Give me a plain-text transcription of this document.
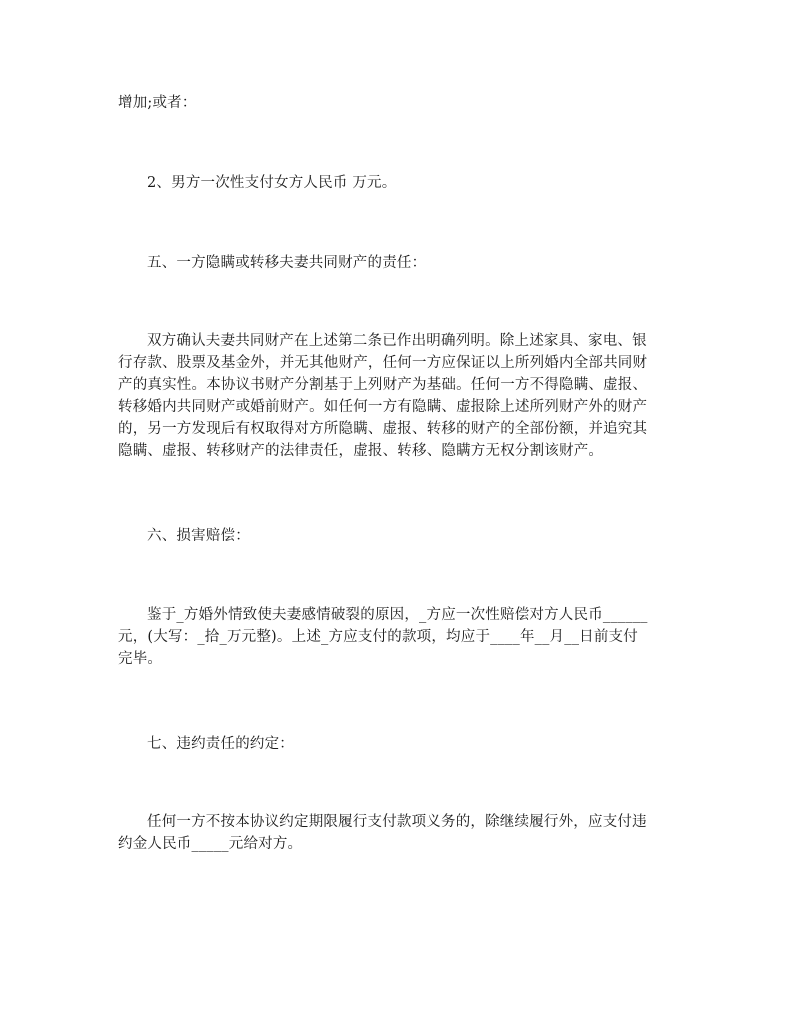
增加;或者：
2、男方一次性支付女方人民币 万元。
五、一方隐瞒或转移夫妻共同财产的责任：

双方确认夫妻共同财产在上述第二条已作出明确列明。除上述家具、家电、银

行存款、股票及基金外，并无其他财产，任何一方应保证以上所列婚内全部共同财

产的真实性。本协议书财产分割基于上列财产为基础。任何一方不得隐瞒、虚报、

转移婚内共同财产或婚前财产。如任何一方有隐瞒、虚报除上述所列财产外的财产

的，另一方发现后有权取得对方所隐瞒、虚报、转移的财产的全部份额，并追究其

隐瞒、虚报、转移财产的法律责任，虚报、转移、隐瞒方无权分割该财产。

六、损害赔偿：

鉴于_方婚外情致使夫妻感情破裂的原因，_方应一次性赔偿对方人民币______

元，(大写：_拾_万元整)。上述_方应支付的款项，均应于____年__月__日前支付

完毕。

七、违约责任的约定：

任何一方不按本协议约定期限履行支付款项义务的，除继续履行外，应支付违

约金人民币_____元给对方。
